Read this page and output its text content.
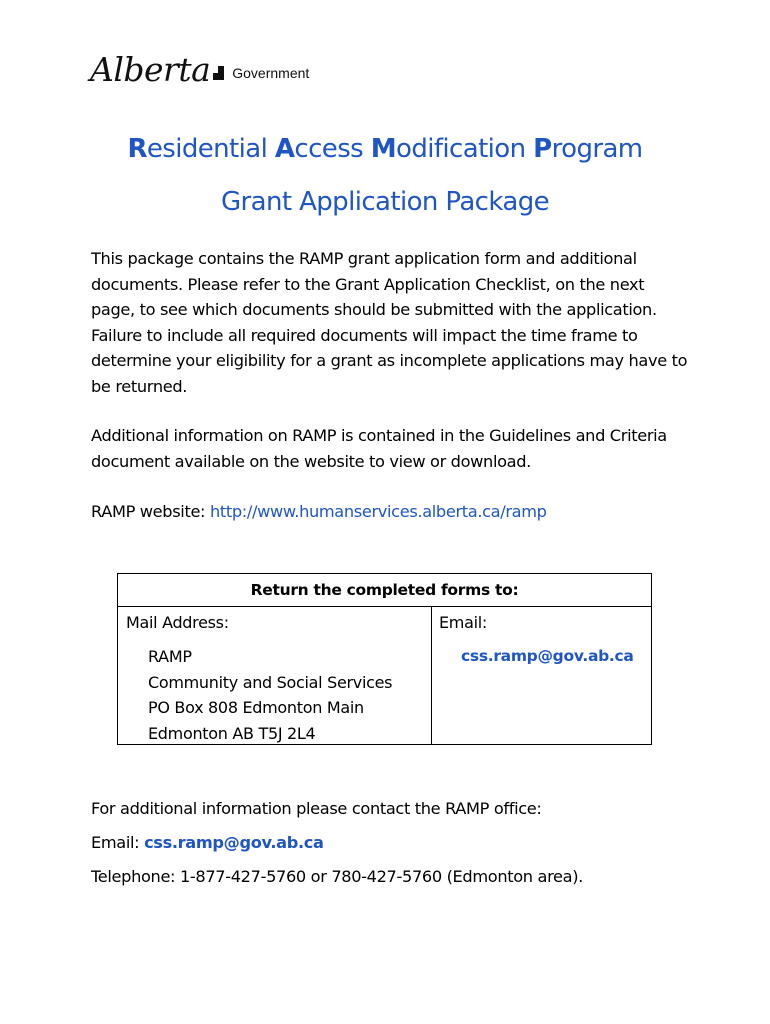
Alberta Government
Residential Access Modification Program
Grant Application Package

This package contains the RAMP grant application form and additional documents. Please refer to the Grant Application Checklist, on the next page, to see which documents should be submitted with the application. Failure to include all required documents will impact the time frame to determine your eligibility for a grant as incomplete applications may have to be returned.

Additional information on RAMP is contained in the Guidelines and Criteria document available on the website to view or download.

RAMP website: http://www.humanservices.alberta.ca/ramp

Return the completed forms to:
Mail Address:
RAMP
Community and Social Services
PO Box 808 Edmonton Main
Edmonton AB T5J 2L4
Email:
css.ramp@gov.ab.ca

For additional information please contact the RAMP office:

Email: css.ramp@gov.ab.ca

Telephone: 1-877-427-5760 or 780-427-5760 (Edmonton area).
